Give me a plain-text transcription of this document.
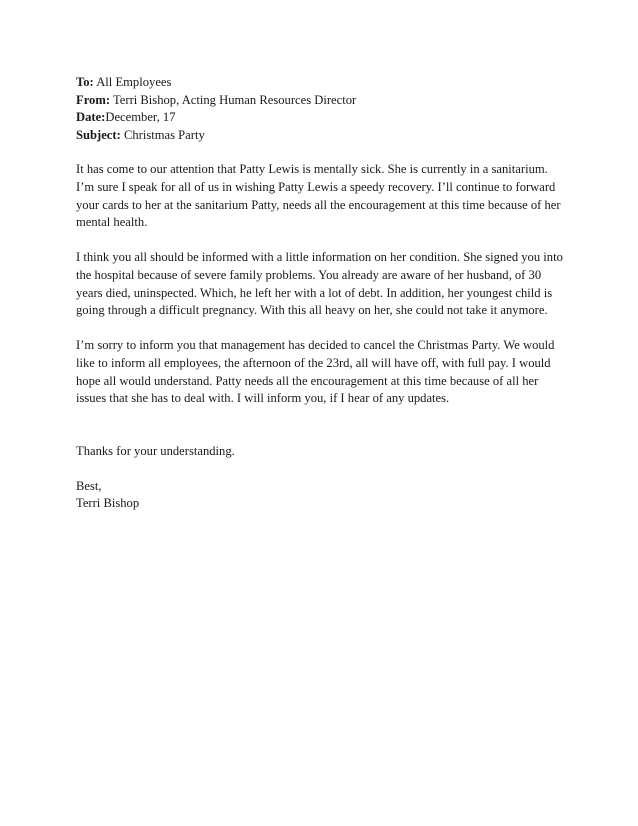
To: All Employees

From: Terri Bishop, Acting Human Resources Director

Date:December, 17

Subject: Christmas Party

It has come to our attention that Patty Lewis is mentally sick. She is currently in a sanitarium.
I’m sure I speak for all of us in wishing Patty Lewis a speedy recovery. I’ll continue to forward
your cards to her at the sanitarium Patty, needs all the encouragement at this time because of her
mental health.

I think you all should be informed with a little information on her condition. She signed you into
the hospital because of severe family problems. You already are aware of her husband, of 30
years died, uninspected. Which, he left her with a lot of debt. In addition, her youngest child is
going through a difficult pregnancy. With this all heavy on her, she could not take it anymore.

I’m sorry to inform you that management has decided to cancel the Christmas Party. We would
like to inform all employees, the afternoon of the 23rd, all will have off, with full pay. I would
hope all would understand. Patty needs all the encouragement at this time because of all her
issues that she has to deal with. I will inform you, if I hear of any updates.

Thanks for your understanding.

Best,

Terri Bishop
